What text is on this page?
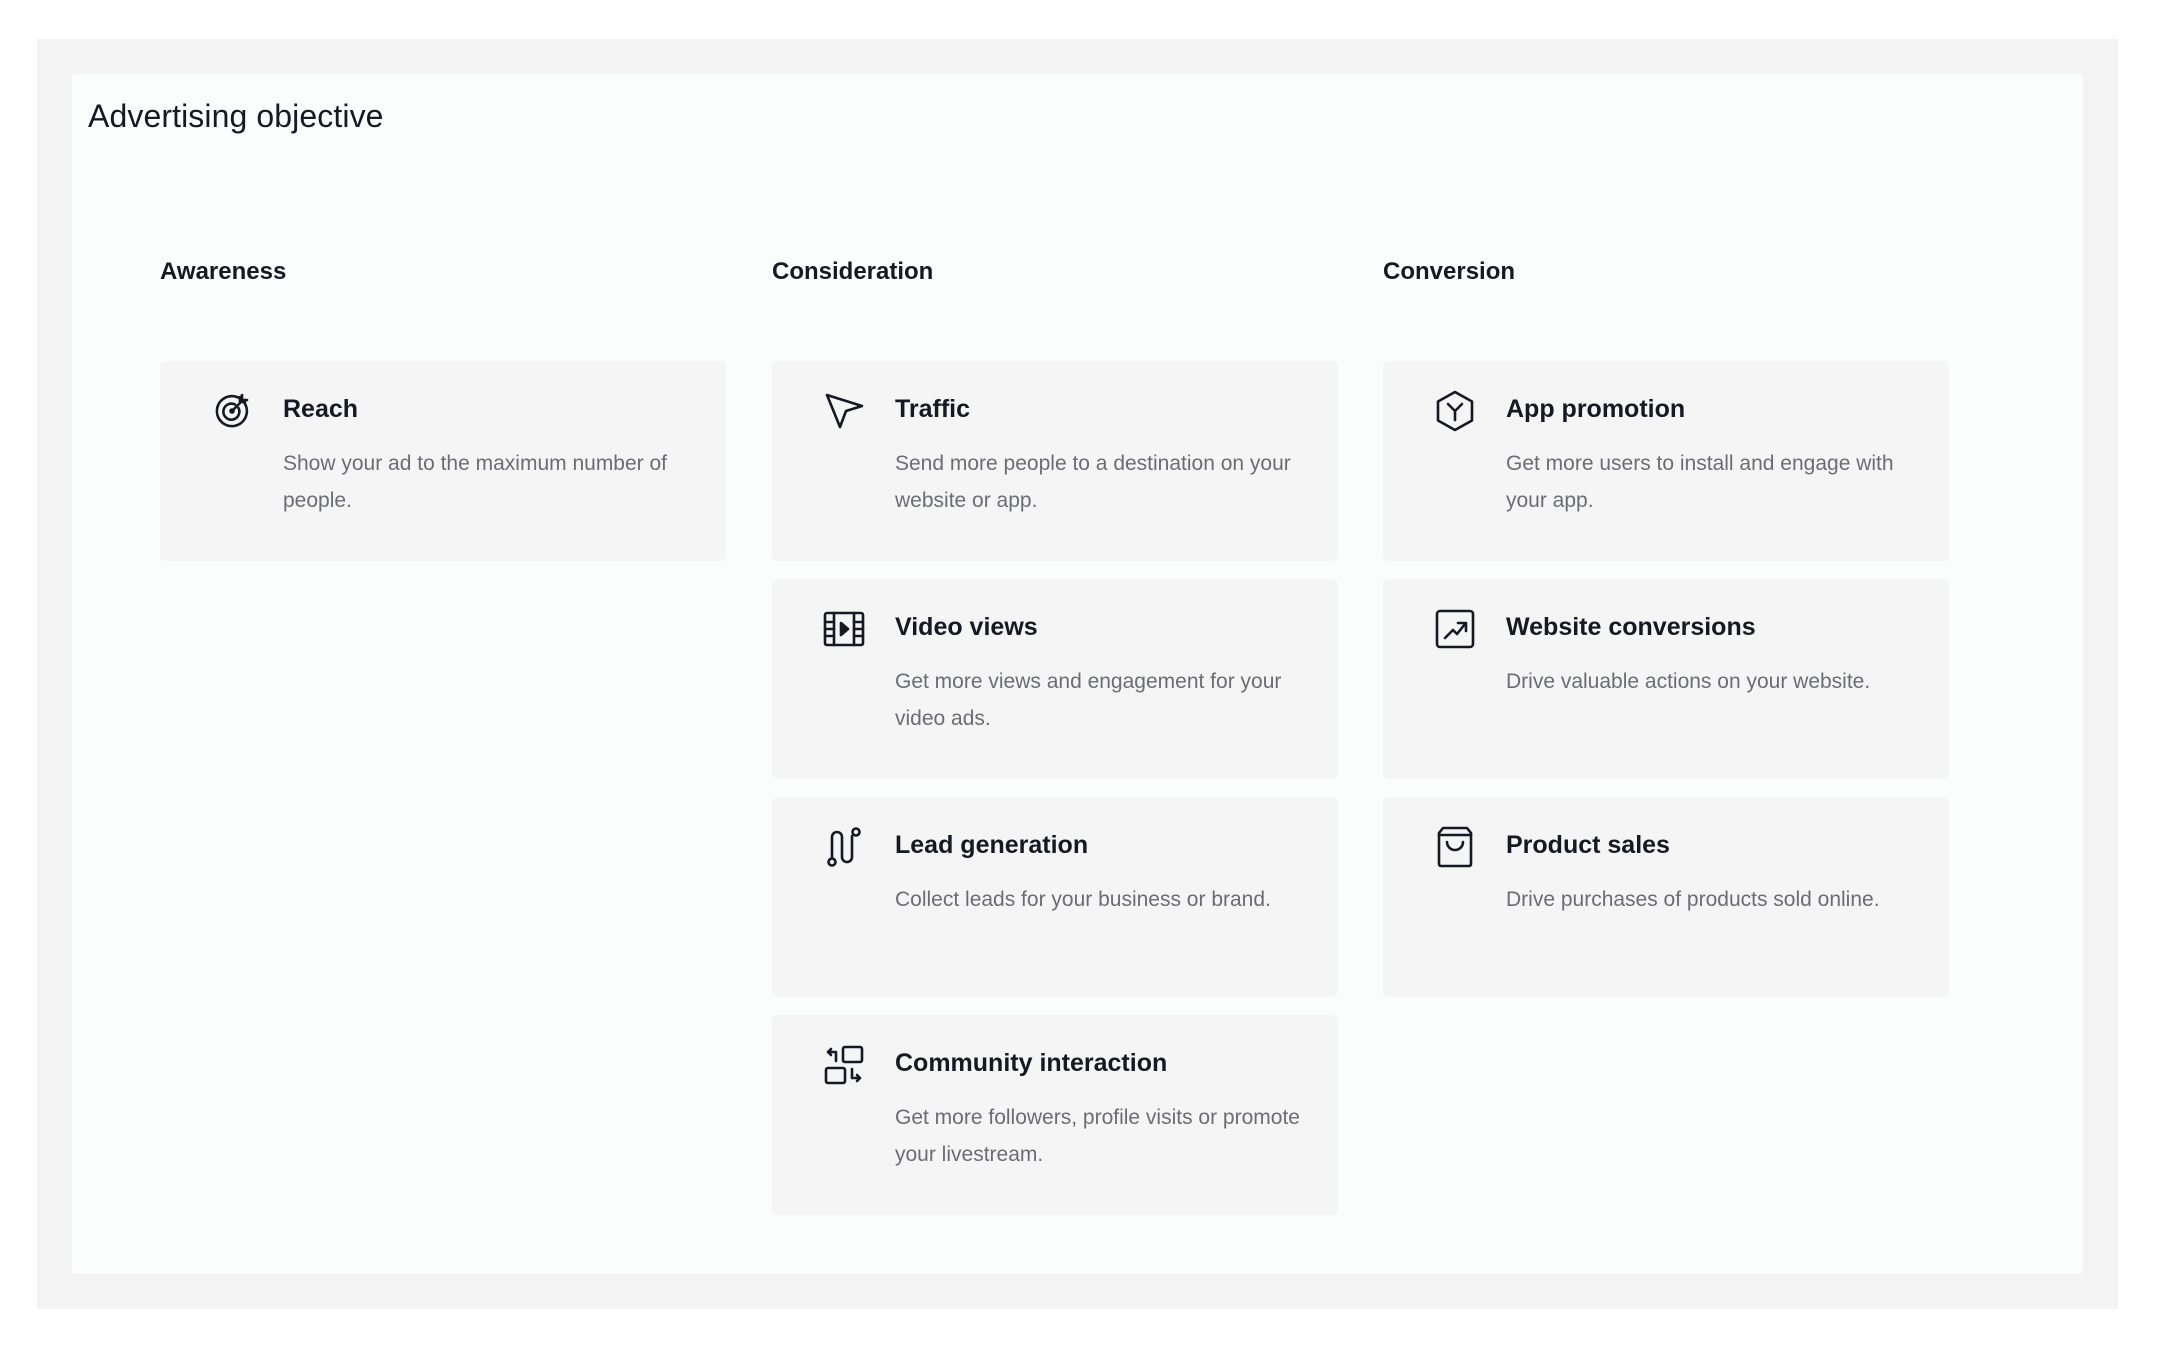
Advertising objective
Awareness	Consideration	Conversion
Reach
Show your ad to the maximum number of people.
Traffic
Send more people to a destination on your website or app.
Video views
Get more views and engagement for your video ads.
Lead generation
Collect leads for your business or brand.
Community interaction
Get more followers, profile visits or promote your livestream.
App promotion
Get more users to install and engage with your app.
Website conversions
Drive valuable actions on your website.
Product sales
Drive purchases of products sold online.
